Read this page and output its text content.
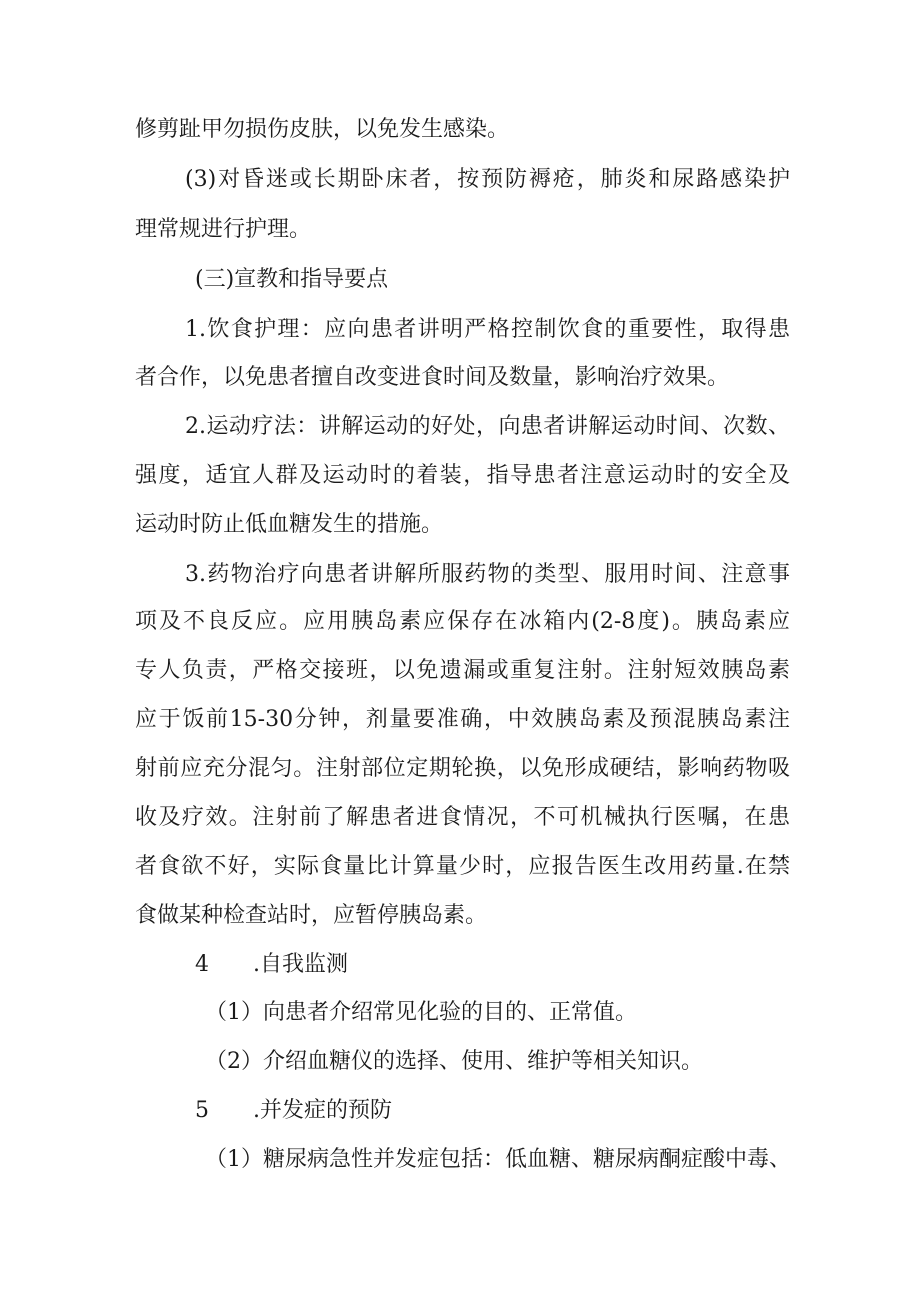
修剪趾甲勿损伤皮肤，以免发生感染。
(3)对昏迷或长期卧床者，按预防褥疮，肺炎和尿路感染护
理常规进行护理。
(三)宣教和指导要点
1.饮食护理：应向患者讲明严格控制饮食的重要性，取得患
者合作，以免患者擅自改变进食时间及数量，影响治疗效果。
2.运动疗法：讲解运动的好处，向患者讲解运动时间、次数、
强度，适宜人群及运动时的着装，指导患者注意运动时的安全及
运动时防止低血糖发生的措施。
3.药物治疗向患者讲解所服药物的类型、服用时间、注意事
项及不良反应。应用胰岛素应保存在冰箱内(2-8度)。胰岛素应
专人负责，严格交接班，以免遗漏或重复注射。注射短效胰岛素
应于饭前15-30分钟，剂量要准确，中效胰岛素及预混胰岛素注
射前应充分混匀。注射部位定期轮换，以免形成硬结，影响药物吸
收及疗效。注射前了解患者进食情况，不可机械执行医嘱，在患
者食欲不好，实际食量比计算量少时，应报告医生改用药量.在禁
食做某种检查站时，应暂停胰岛素。
4 .自我监测
（1）向患者介绍常见化验的目的、正常值。
（2）介绍血糖仪的选择、使用、维护等相关知识。
5 .并发症的预防
（1）糖尿病急性并发症包括：低血糖、糖尿病酮症酸中毒、
